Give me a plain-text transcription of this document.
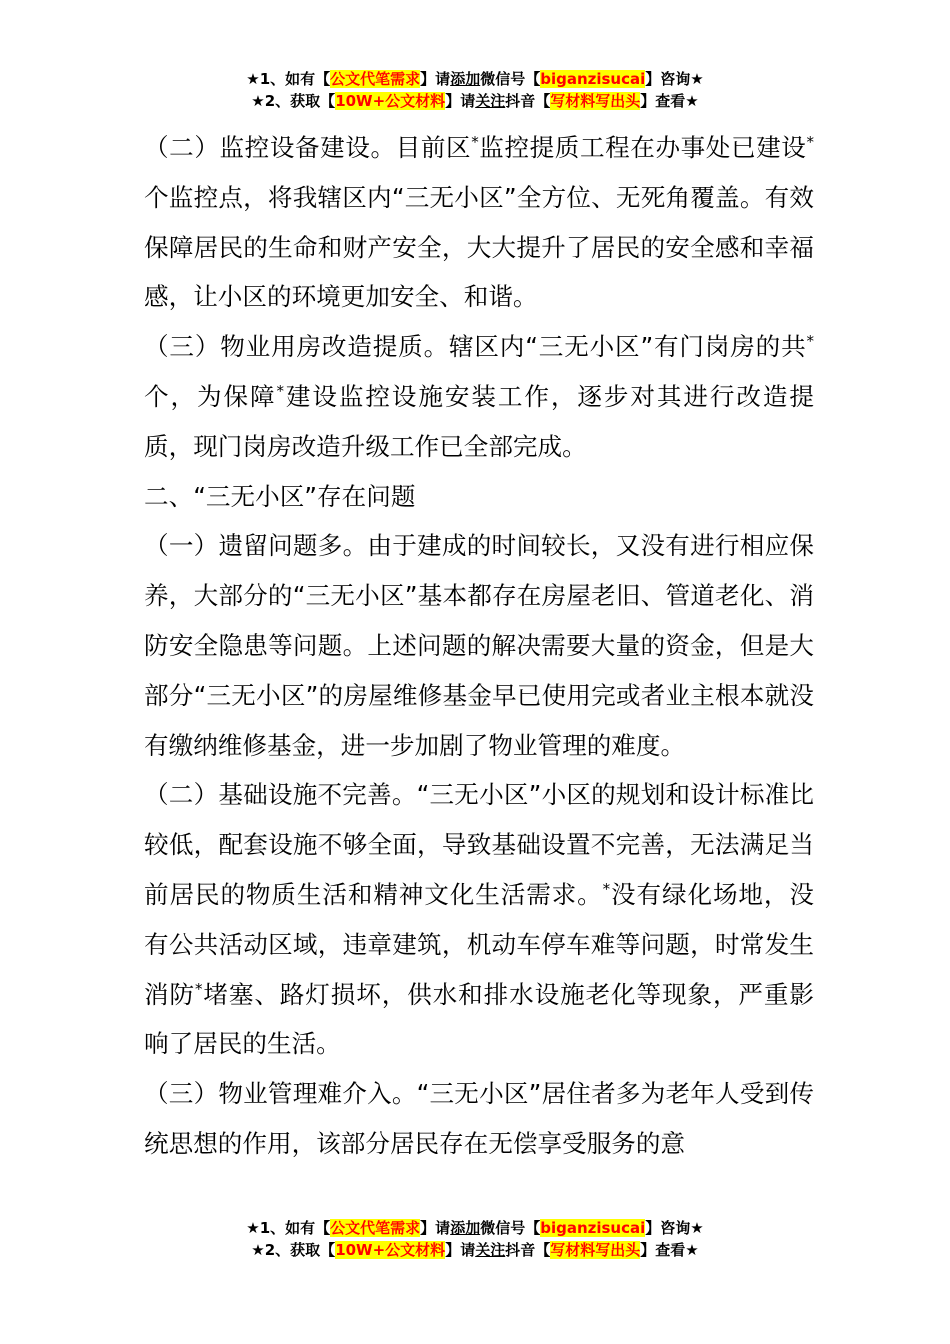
★1、如有【公文代笔需求】请添加微信号【biganzisucai】咨询★
★2、获取【10W+公文材料】请关注抖音【写材料写出头】查看★

（二）监控设备建设。目前区*监控提质工程在办事处已建设*个监控点，将我辖区内“三无小区”全方位、无死角覆盖。有效保障居民的生命和财产安全，大大提升了居民的安全感和幸福感，让小区的环境更加安全、和谐。

（三）物业用房改造提质。辖区内“三无小区”有门岗房的共*个，为保障*建设监控设施安装工作，逐步对其进行改造提质，现门岗房改造升级工作已全部完成。

二、“三无小区”存在问题

（一）遗留问题多。由于建成的时间较长，又没有进行相应保养，大部分的“三无小区”基本都存在房屋老旧、管道老化、消防安全隐患等问题。上述问题的解决需要大量的资金，但是大部分“三无小区”的房屋维修基金早已使用完或者业主根本就没有缴纳维修基金，进一步加剧了物业管理的难度。

（二）基础设施不完善。“三无小区”小区的规划和设计标准比较低，配套设施不够全面，导致基础设置不完善，无法满足当前居民的物质生活和精神文化生活需求。*没有绿化场地，没有公共活动区域，违章建筑，机动车停车难等问题，时常发生消防*堵塞、路灯损坏，供水和排水设施老化等现象，严重影响了居民的生活。

（三）物业管理难介入。“三无小区”居住者多为老年人受到传统思想的作用，该部分居民存在无偿享受服务的意

★1、如有【公文代笔需求】请添加微信号【biganzisucai】咨询★
★2、获取【10W+公文材料】请关注抖音【写材料写出头】查看★
